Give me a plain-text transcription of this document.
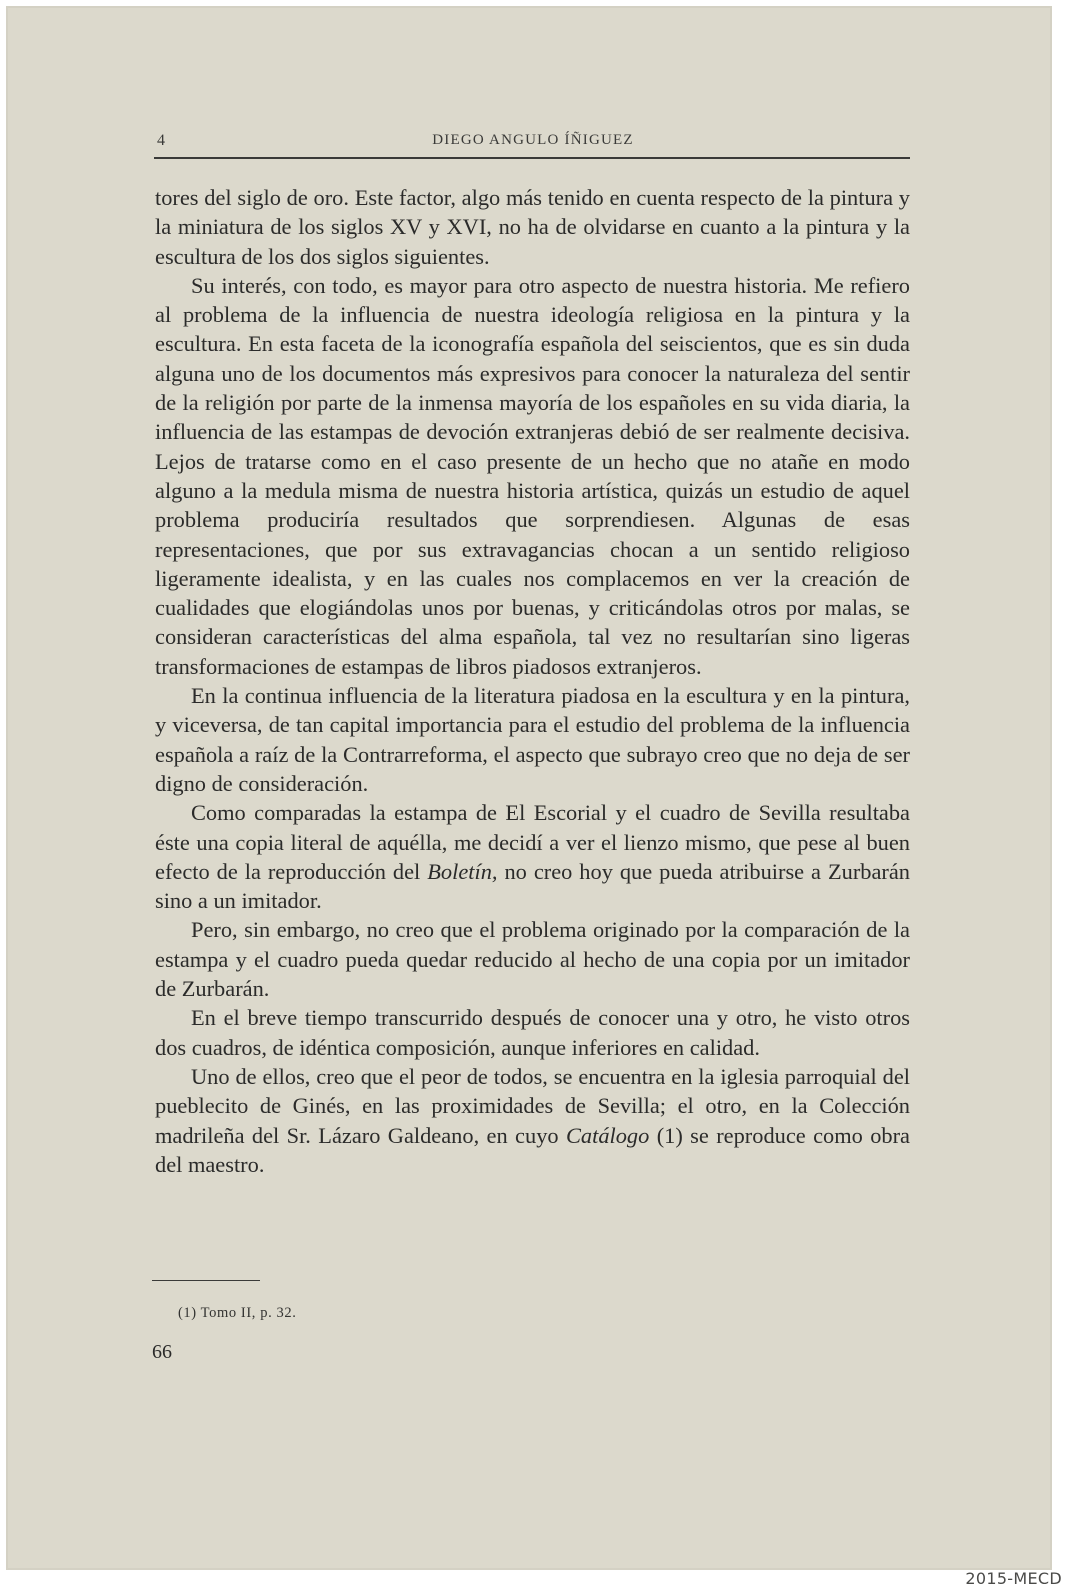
4	DIEGO ANGULO ÍÑIGUEZ

tores del siglo de oro. Este factor, algo más tenido en cuenta respecto de la pintura y la miniatura de los siglos XV y XVI, no ha de olvidarse en cuanto a la pintura y la escultura de los dos siglos siguientes.

Su interés, con todo, es mayor para otro aspecto de nuestra historia. Me refiero al problema de la influencia de nuestra ideología religiosa en la pintura y la escultura. En esta faceta de la iconografía española del seiscientos, que es sin duda alguna uno de los documentos más expresivos para conocer la naturaleza del sentir de la religión por parte de la inmensa mayoría de los españoles en su vida diaria, la influencia de las estampas de devoción extranjeras debió de ser realmente decisiva. Lejos de tratarse como en el caso presente de un hecho que no atañe en modo alguno a la medula misma de nuestra historia artística, quizás un estudio de aquel problema produciría resultados que sorprendiesen. Algunas de esas representaciones, que por sus extravagancias chocan a un sentido religioso ligeramente idealista, y en las cuales nos complacemos en ver la creación de cualidades que elogiándolas unos por buenas, y criticándolas otros por malas, se consideran características del alma española, tal vez no resultarían sino ligeras transformaciones de estampas de libros piadosos extranjeros.

En la continua influencia de la literatura piadosa en la escultura y en la pintura, y viceversa, de tan capital importancia para el estudio del problema de la influencia española a raíz de la Contrarreforma, el aspecto que subrayo creo que no deja de ser digno de consideración.

Como comparadas la estampa de El Escorial y el cuadro de Sevilla resultaba éste una copia literal de aquélla, me decidí a ver el lienzo mismo, que pese al buen efecto de la reproducción del Boletín, no creo hoy que pueda atribuirse a Zurbarán sino a un imitador.

Pero, sin embargo, no creo que el problema originado por la comparación de la estampa y el cuadro pueda quedar reducido al hecho de una copia por un imitador de Zurbarán.

En el breve tiempo transcurrido después de conocer una y otro, he visto otros dos cuadros, de idéntica composición, aunque inferiores en calidad.

Uno de ellos, creo que el peor de todos, se encuentra en la iglesia parroquial del pueblecito de Ginés, en las proximidades de Sevilla; el otro, en la Colección madrileña del Sr. Lázaro Galdeano, en cuyo Catálogo (1) se reproduce como obra del maestro.

(1) Tomo II, p. 32.
66
2015-MECD
